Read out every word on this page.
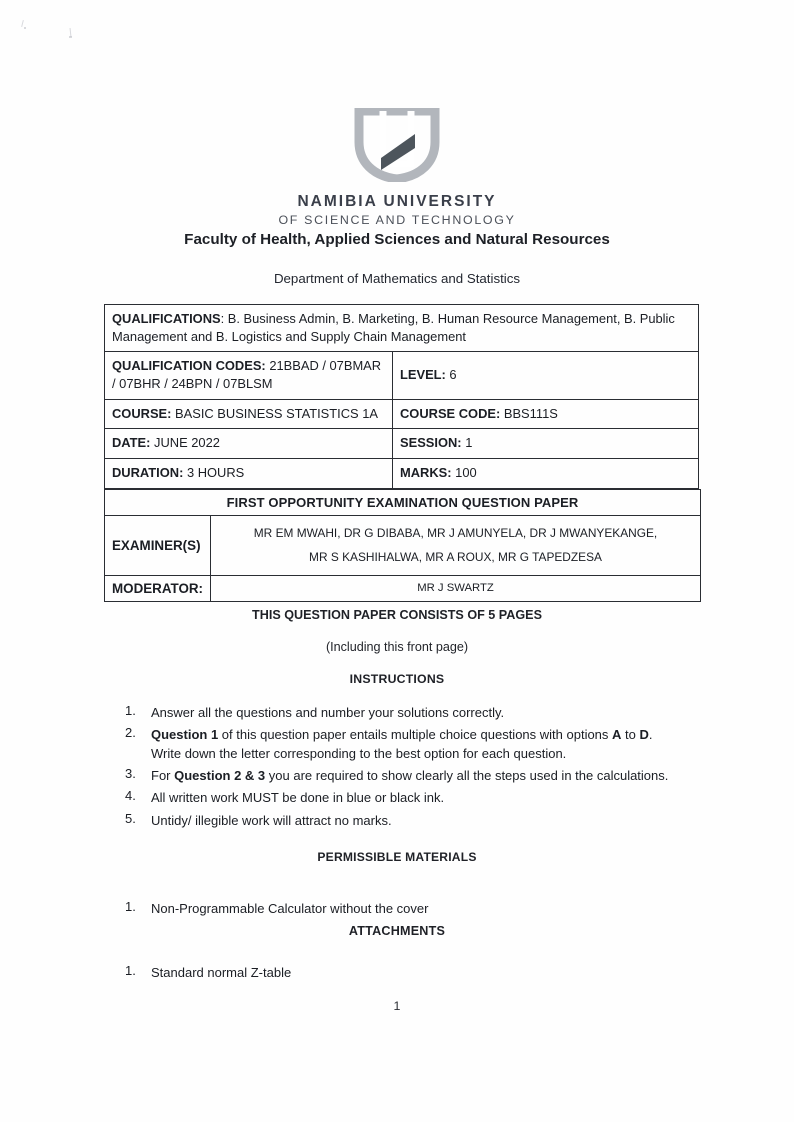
NAMIBIA UNIVERSITY
OF SCIENCE AND TECHNOLOGY
Faculty of Health, Applied Sciences and Natural Resources
Department of Mathematics and Statistics
QUALIFICATIONS: B. Business Admin, B. Marketing, B. Human Resource Management, B. Public Management and B. Logistics and Supply Chain Management	
QUALIFICATION CODES: 21BBAD / 07BMAR / 07BHR / 24BPN / 07BLSM	LEVEL: 6
COURSE: BASIC BUSINESS STATISTICS 1A	COURSE CODE: BBS111S
DATE: JUNE 2022	SESSION: 1
DURATION: 3 HOURS	MARKS: 100
FIRST OPPORTUNITY EXAMINATION QUESTION PAPER	
EXAMINER(S)	MR EM MWAHI, DR G DIBABA, MR J AMUNYELA, DR J MWANYEKANGE,
MR S KASHIHALWA, MR A ROUX, MR G TAPEDZESA

MODERATOR:	MR J SWARTZ
THIS QUESTION PAPER CONSISTS OF 5 PAGES
(Including this front page)
INSTRUCTIONS
1.	Answer all the questions and number your solutions correctly.
2.	Question 1 of this question paper entails multiple choice questions with options A to D. Write down the letter corresponding to the best option for each question.
3.	For Question 2 & 3 you are required to show clearly all the steps used in the calculations.
4.	All written work MUST be done in blue or black ink.
5.	Untidy/ illegible work will attract no marks.
PERMISSIBLE MATERIALS
1.	Non-Programmable Calculator without the cover
ATTACHMENTS
1.	Standard normal Z-table
1
